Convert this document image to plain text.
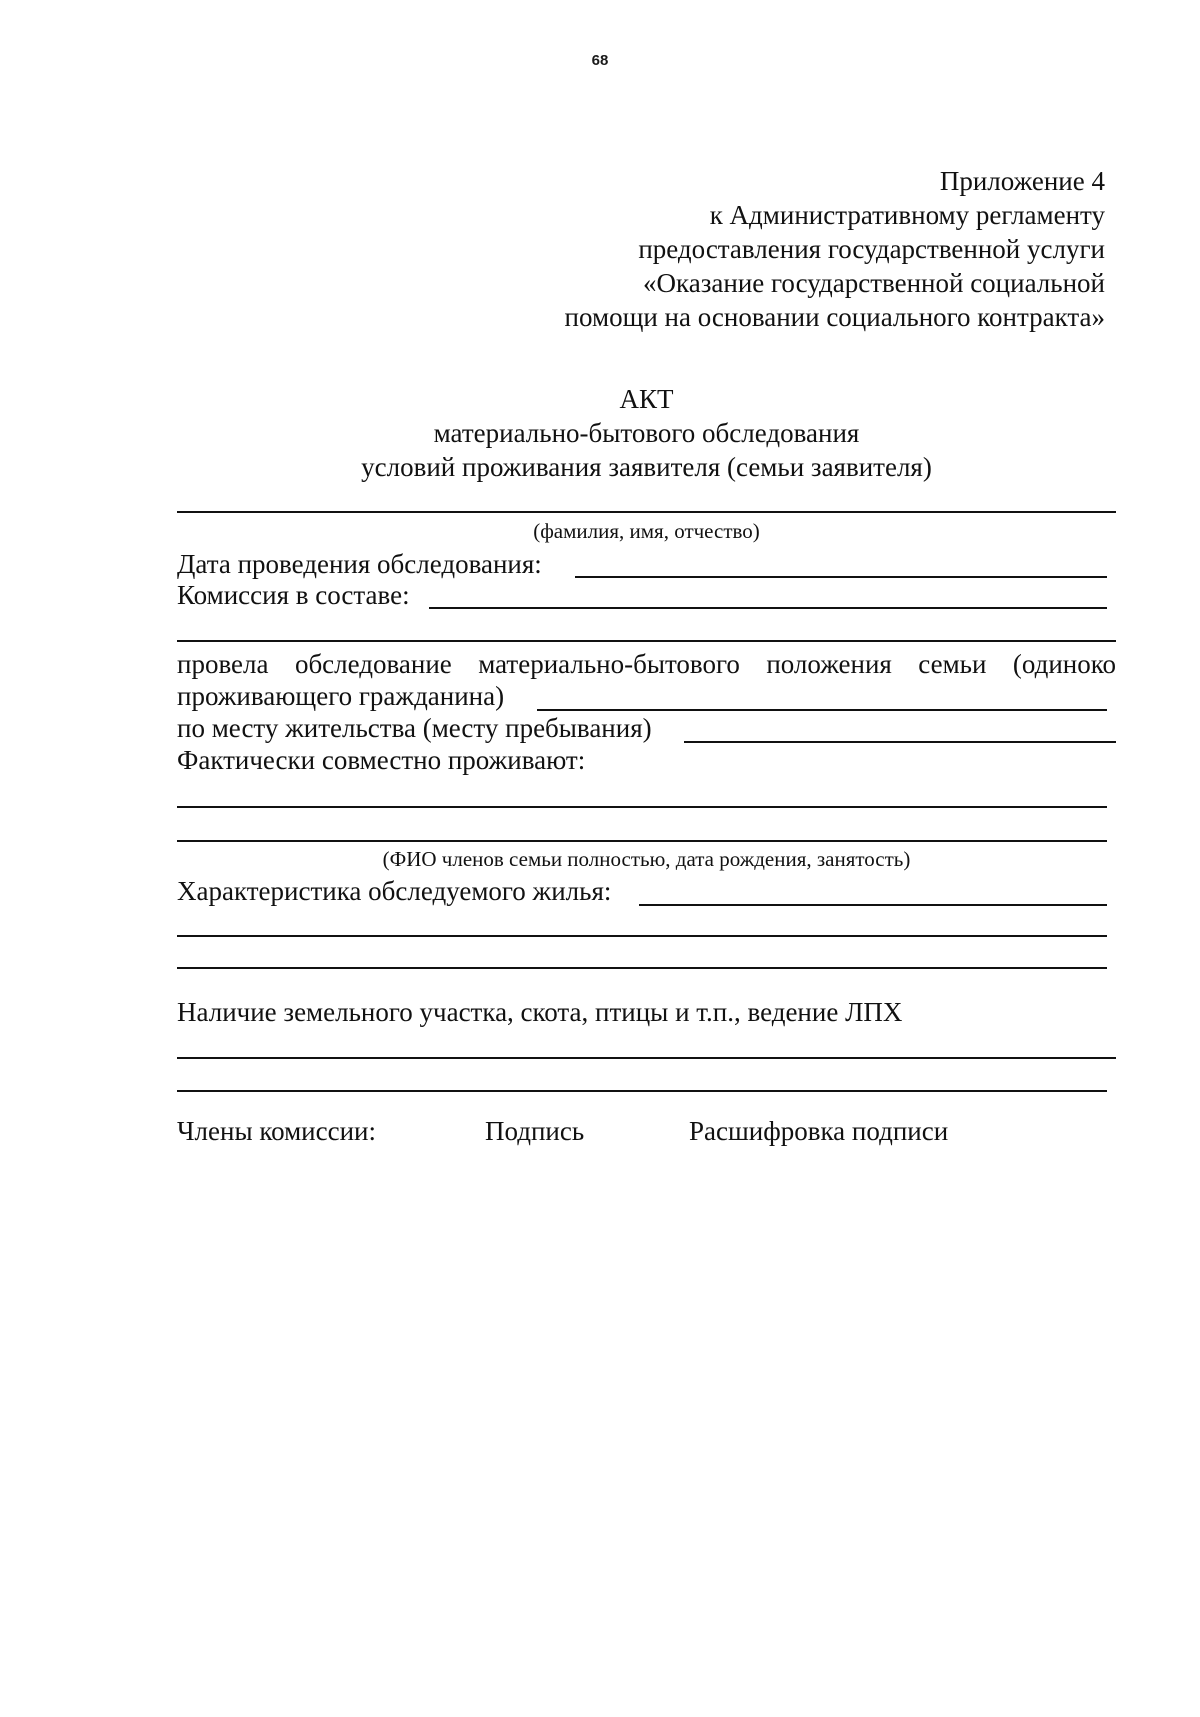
68
Приложение 4
к Административному регламенту
предоставления государственной услуги
«Оказание государственной социальной
помощи на основании социального контракта»
АКТ
материально-бытового обследования
условий проживания заявителя (семьи заявителя)
(фамилия, имя, отчество)
Дата проведения обследования:
Комиссия в составе:
провела обследование материально-бытового положения семьи (одиноко
проживающего гражданина)
по месту жительства (месту пребывания)
Фактически совместно проживают:
(ФИО членов семьи полностью, дата рождения, занятость)
Характеристика обследуемого жилья:
Наличие земельного участка, скота, птицы и т.п., ведение ЛПХ
Члены комиссии:	Подпись	Расшифровка подписи
